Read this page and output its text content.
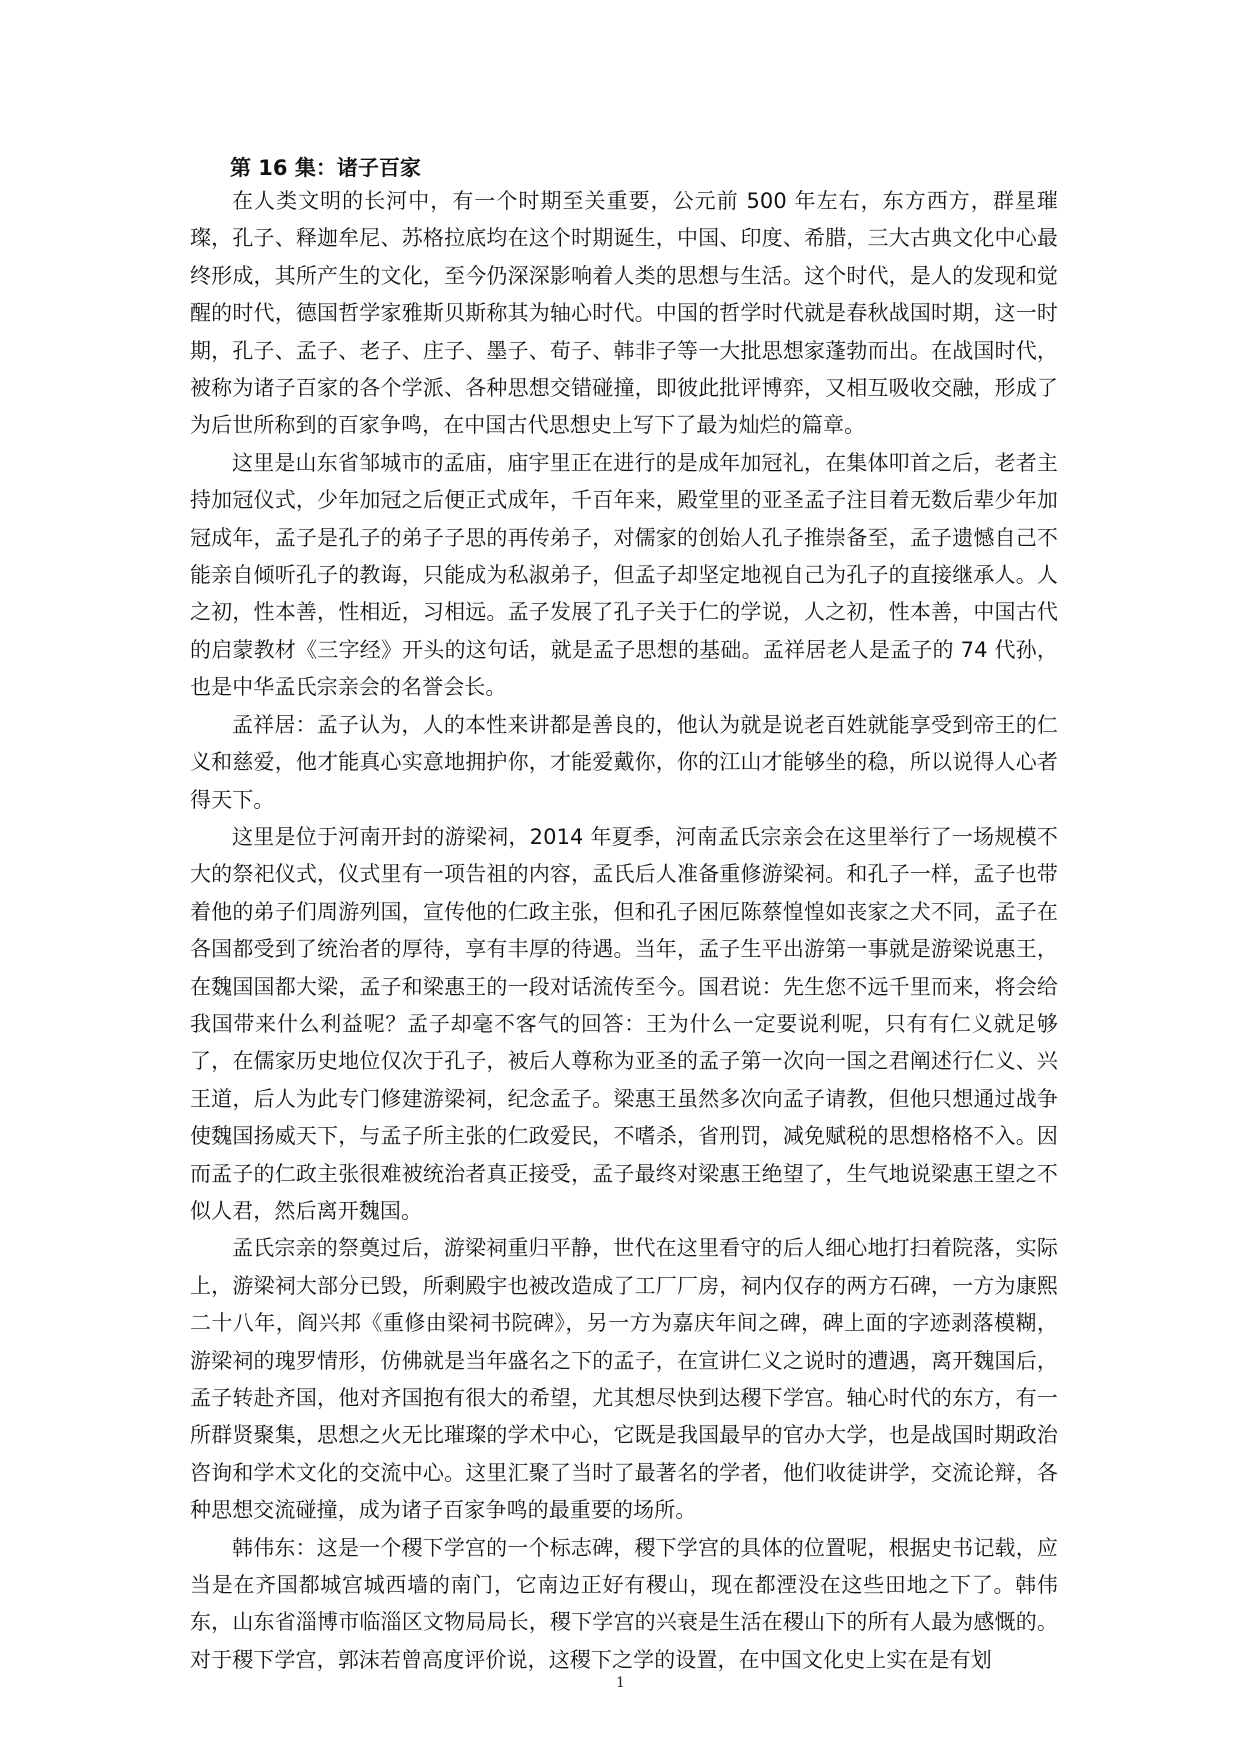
第 16 集：诸子百家

在人类文明的长河中，有一个时期至关重要，公元前 500 年左右，东方西方，群星璀璨，孔子、释迦牟尼、苏格拉底均在这个时期诞生，中国、印度、希腊，三大古典文化中心最终形成，其所产生的文化，至今仍深深影响着人类的思想与生活。这个时代，是人的发现和觉醒的时代，德国哲学家雅斯贝斯称其为轴心时代。中国的哲学时代就是春秋战国时期，这一时期，孔子、孟子、老子、庄子、墨子、荀子、韩非子等一大批思想家蓬勃而出。在战国时代，被称为诸子百家的各个学派、各种思想交错碰撞，即彼此批评博弈，又相互吸收交融，形成了为后世所称到的百家争鸣，在中国古代思想史上写下了最为灿烂的篇章。

这里是山东省邹城市的孟庙，庙宇里正在进行的是成年加冠礼，在集体叩首之后，老者主持加冠仪式，少年加冠之后便正式成年，千百年来，殿堂里的亚圣孟子注目着无数后辈少年加冠成年，孟子是孔子的弟子子思的再传弟子，对儒家的创始人孔子推崇备至，孟子遗憾自己不能亲自倾听孔子的教诲，只能成为私淑弟子，但孟子却坚定地视自己为孔子的直接继承人。人之初，性本善，性相近，习相远。孟子发展了孔子关于仁的学说，人之初，性本善，中国古代的启蒙教材《三字经》开头的这句话，就是孟子思想的基础。孟祥居老人是孟子的 74 代孙，也是中华孟氏宗亲会的名誉会长。

孟祥居：孟子认为，人的本性来讲都是善良的，他认为就是说老百姓就能享受到帝王的仁义和慈爱，他才能真心实意地拥护你，才能爱戴你，你的江山才能够坐的稳，所以说得人心者得天下。

这里是位于河南开封的游梁祠，2014 年夏季，河南孟氏宗亲会在这里举行了一场规模不大的祭祀仪式，仪式里有一项告祖的内容，孟氏后人准备重修游梁祠。和孔子一样，孟子也带着他的弟子们周游列国，宣传他的仁政主张，但和孔子困厄陈蔡惶惶如丧家之犬不同，孟子在各国都受到了统治者的厚待，享有丰厚的待遇。当年，孟子生平出游第一事就是游梁说惠王，在魏国国都大梁，孟子和梁惠王的一段对话流传至今。国君说：先生您不远千里而来，将会给我国带来什么利益呢？孟子却毫不客气的回答：王为什么一定要说利呢，只有有仁义就足够了，在儒家历史地位仅次于孔子，被后人尊称为亚圣的孟子第一次向一国之君阐述行仁义、兴王道，后人为此专门修建游梁祠，纪念孟子。梁惠王虽然多次向孟子请教，但他只想通过战争使魏国扬威天下，与孟子所主张的仁政爱民，不嗜杀，省刑罚，减免赋税的思想格格不入。因而孟子的仁政主张很难被统治者真正接受，孟子最终对梁惠王绝望了，生气地说梁惠王望之不似人君，然后离开魏国。

孟氏宗亲的祭奠过后，游梁祠重归平静，世代在这里看守的后人细心地打扫着院落，实际上，游梁祠大部分已毁，所剩殿宇也被改造成了工厂厂房，祠内仅存的两方石碑，一方为康熙二十八年，阎兴邦《重修由梁祠书院碑》，另一方为嘉庆年间之碑，碑上面的字迹剥落模糊，游梁祠的瑰罗情形，仿佛就是当年盛名之下的孟子，在宣讲仁义之说时的遭遇，离开魏国后，孟子转赴齐国，他对齐国抱有很大的希望，尤其想尽快到达稷下学宫。轴心时代的东方，有一所群贤聚集，思想之火无比璀璨的学术中心，它既是我国最早的官办大学，也是战国时期政治咨询和学术文化的交流中心。这里汇聚了当时了最著名的学者，他们收徒讲学，交流论辩，各种思想交流碰撞，成为诸子百家争鸣的最重要的场所。

韩伟东：这是一个稷下学宫的一个标志碑，稷下学宫的具体的位置呢，根据史书记载，应当是在齐国都城宫城西墙的南门，它南边正好有稷山，现在都湮没在这些田地之下了。韩伟东，山东省淄博市临淄区文物局局长，稷下学宫的兴衰是生活在稷山下的所有人最为感慨的。对于稷下学宫，郭沫若曾高度评价说，这稷下之学的设置，在中国文化史上实在是有划

1
